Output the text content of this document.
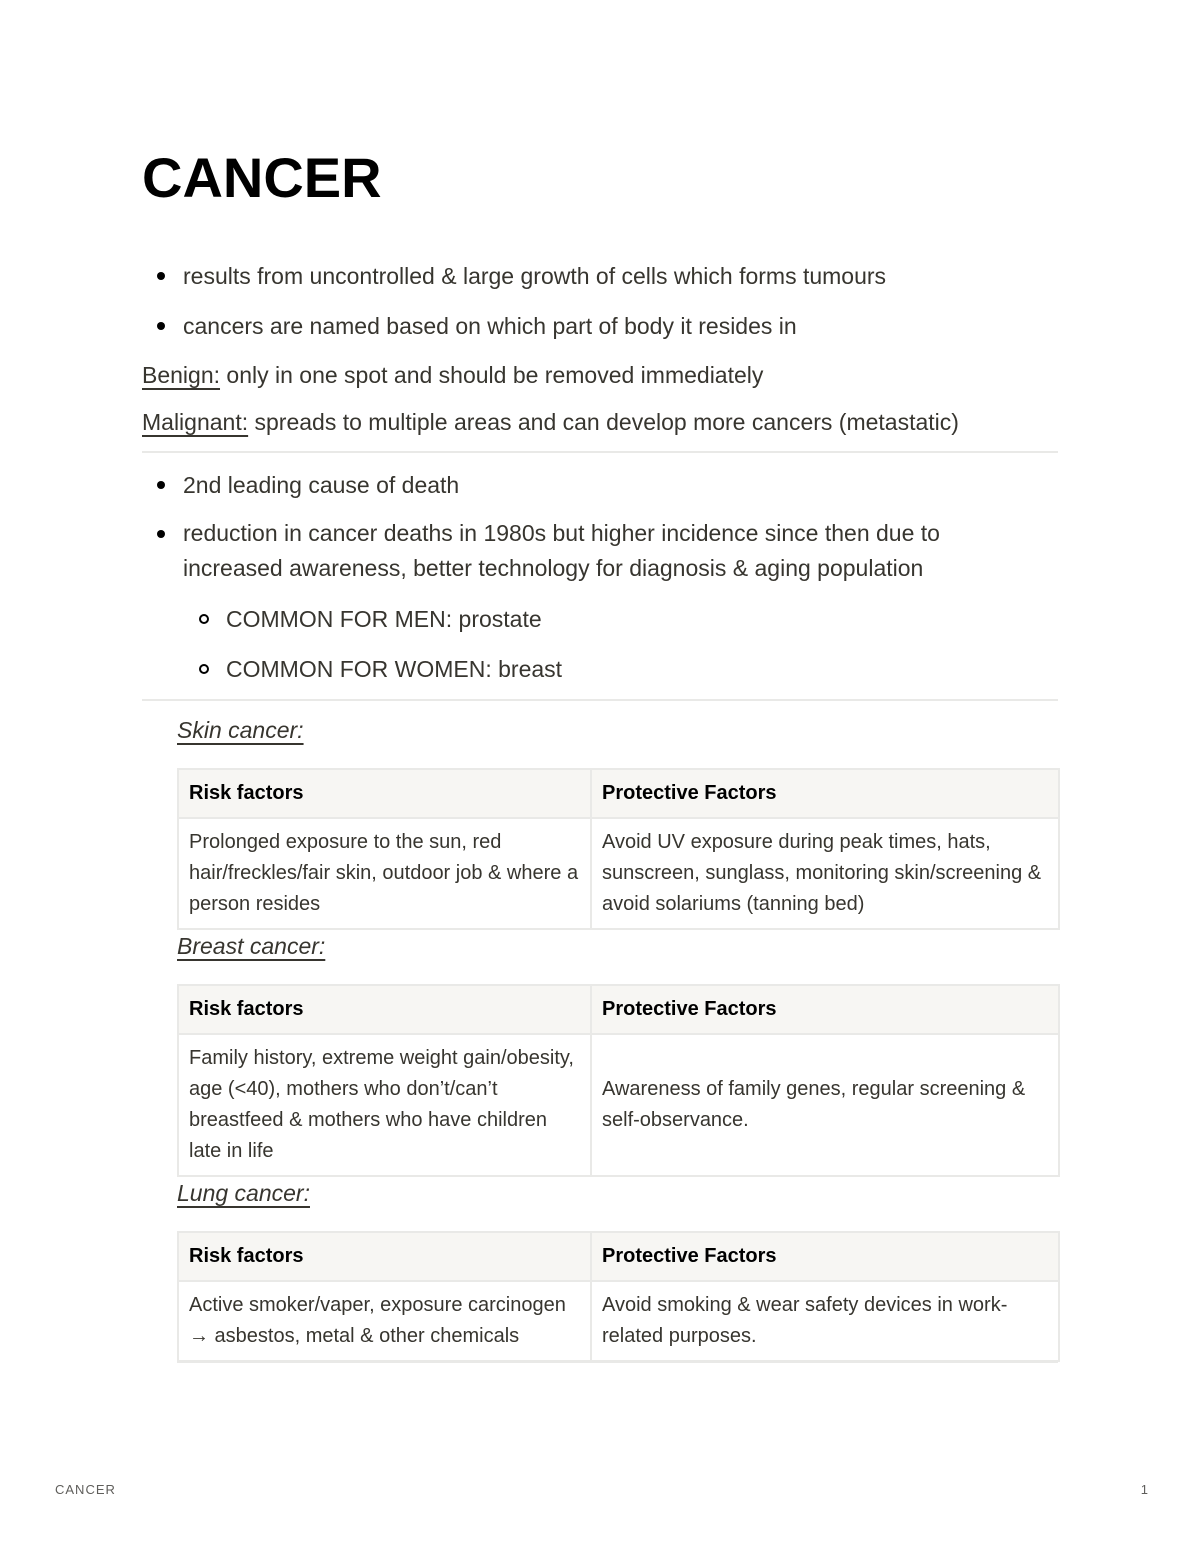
CANCER
results from uncontrolled & large growth of cells which forms tumours
cancers are named based on which part of body it resides in
Benign: only in one spot and should be removed immediately
Malignant: spreads to multiple areas and can develop more cancers (metastatic)
2nd leading cause of death
reduction in cancer deaths in 1980s but higher incidence since then due to
increased awareness, better technology for diagnosis & aging population
COMMON FOR MEN: prostate
COMMON FOR WOMEN: breast
Skin cancer:
Risk factors	Protective Factors
Prolonged exposure to the sun, red hair/freckles/fair skin, outdoor job & where a person resides	Avoid UV exposure during peak times, hats, sunscreen, sunglass, monitoring skin/screening & avoid solariums (tanning bed)
Breast cancer:
Risk factors	Protective Factors
Family history, extreme weight gain/obesity, age (<40), mothers who don’t/can’t breastfeed & mothers who have children late in life	Awareness of family genes, regular screening & self-observance.
Lung cancer:
Risk factors	Protective Factors
Active smoker/vaper, exposure carcinogen → asbestos, metal & other chemicals	Avoid smoking & wear safety devices in work-related purposes.
CANCER	1
